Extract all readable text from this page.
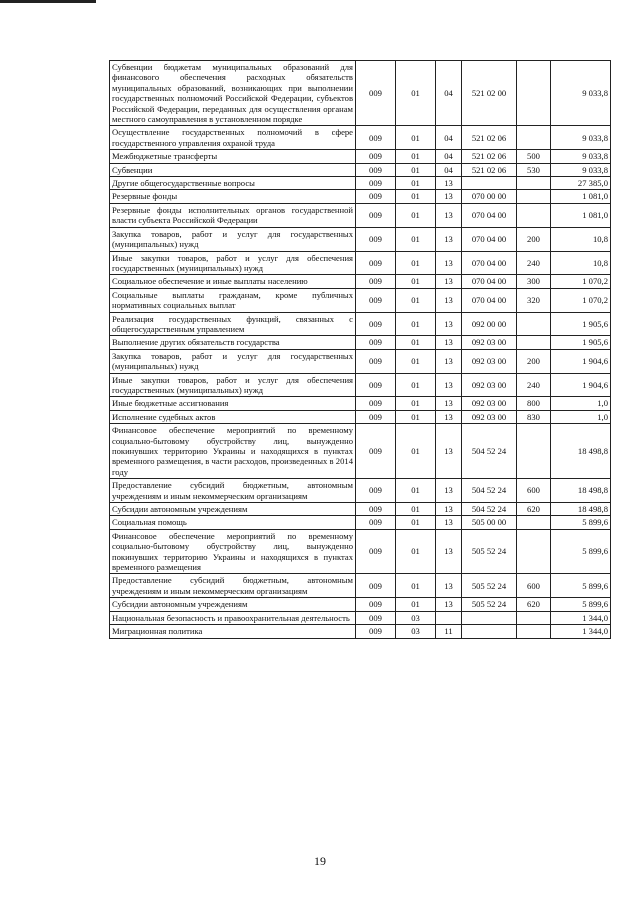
Субвенции бюджетам муниципальных образований для финансового обеспечения расходных обязательств муниципальных образований, возникающих при выполнении государственных полномочий Российской Федерации, субъектов Российской Федерации, переданных для осуществления органам местного самоуправления в установленном порядке	009	01	04	521 02 00		9 033,8
Осуществление государственных полномочий в сфере государственного управления охраной труда	009	01	04	521 02 06		9 033,8
Межбюджетные трансферты	009	01	04	521 02 06	500	9 033,8
Субвенции	009	01	04	521 02 06	530	9 033,8
Другие общегосударственные вопросы	009	01	13			27 385,0
Резервные фонды	009	01	13	070 00 00		1 081,0
Резервные фонды исполнительных органов государственной власти субъекта Российской Федерации	009	01	13	070 04 00		1 081,0
Закупка товаров, работ и услуг для государственных (муниципальных) нужд	009	01	13	070 04 00	200	10,8
Иные закупки товаров, работ и услуг для обеспечения государственных (муниципальных) нужд	009	01	13	070 04 00	240	10,8
Социальное обеспечение и иные выплаты населению	009	01	13	070 04 00	300	1 070,2
Социальные выплаты гражданам, кроме публичных нормативных социальных выплат	009	01	13	070 04 00	320	1 070,2
Реализация государственных функций, связанных с общегосударственным управлением	009	01	13	092 00 00		1 905,6
Выполнение других обязательств государства	009	01	13	092 03 00		1 905,6
Закупка товаров, работ и услуг для государственных (муниципальных) нужд	009	01	13	092 03 00	200	1 904,6
Иные закупки товаров, работ и услуг для обеспечения государственных (муниципальных) нужд	009	01	13	092 03 00	240	1 904,6
Иные бюджетные ассигнования	009	01	13	092 03 00	800	1,0
Исполнение судебных актов	009	01	13	092 03 00	830	1,0
Финансовое обеспечение мероприятий по временному социально-бытовому обустройству лиц, вынужденно покинувших территорию Украины и находящихся в пунктах временного размещения, в части расходов, произведенных в 2014 году	009	01	13	504 52 24		18 498,8
Предоставление субсидий бюджетным, автономным учреждениям и иным некоммерческим организациям	009	01	13	504 52 24	600	18 498,8
Субсидии автономным учреждениям	009	01	13	504 52 24	620	18 498,8
Социальная помощь	009	01	13	505 00 00		5 899,6
Финансовое обеспечение мероприятий по временному социально-бытовому обустройству лиц, вынужденно покинувших территорию Украины и находящихся в пунктах временного размещения	009	01	13	505 52 24		5 899,6
Предоставление субсидий бюджетным, автономным учреждениям и иным некоммерческим организациям	009	01	13	505 52 24	600	5 899,6
Субсидии автономным учреждениям	009	01	13	505 52 24	620	5 899,6
Национальная безопасность и правоохранительная деятельность	009	03				1 344,0
Миграционная политика	009	03	11			1 344,0
19
